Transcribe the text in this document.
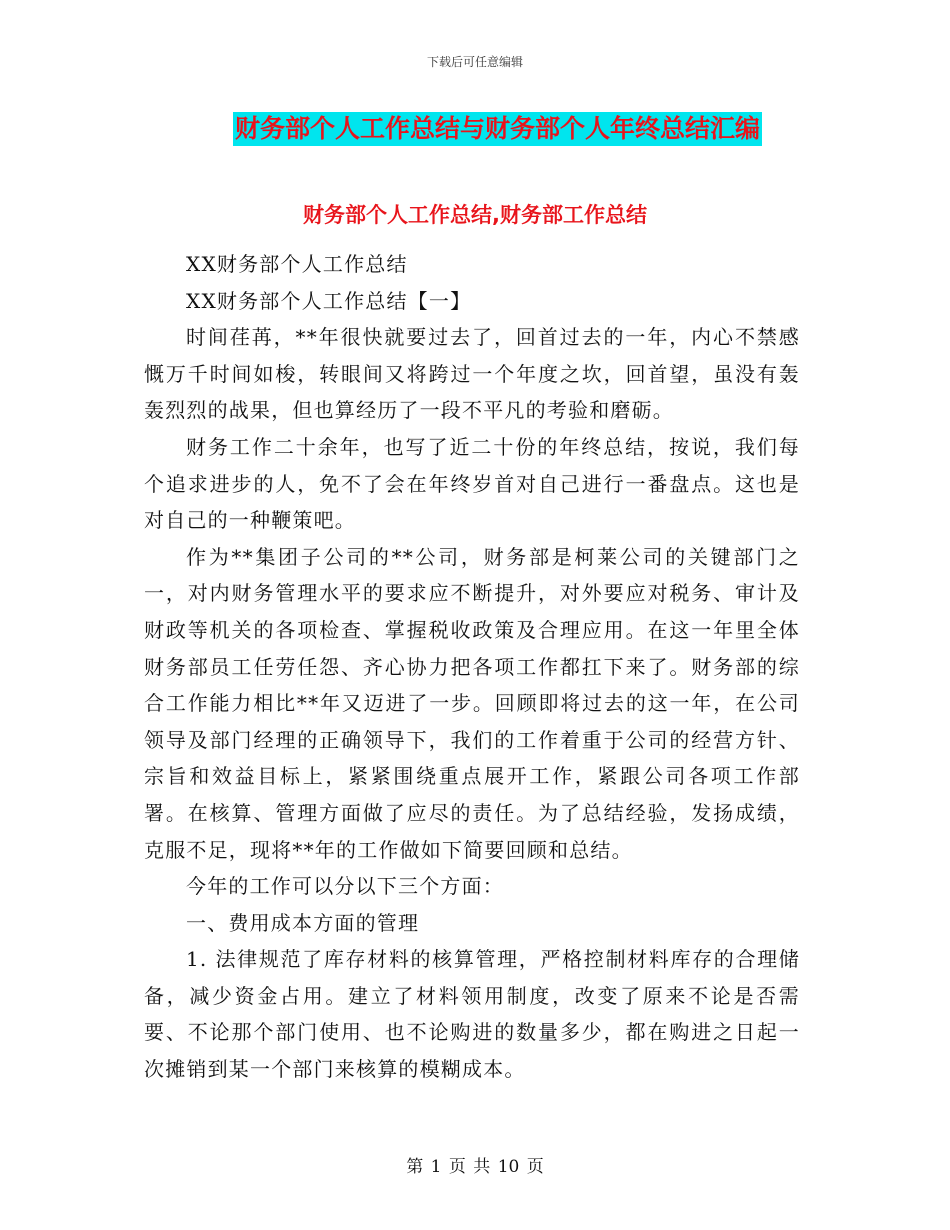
下载后可任意编辑
财务部个人工作总结与财务部个人年终总结汇编
财务部个人工作总结,财务部工作总结

XX财务部个人工作总结

XX财务部个人工作总结【一】

时间荏苒，**年很快就要过去了，回首过去的一年，内心不禁感慨万千时间如梭，转眼间又将跨过一个年度之坎，回首望，虽没有轰轰烈烈的战果，但也算经历了一段不平凡的考验和磨砺。

财务工作二十余年，也写了近二十份的年终总结，按说，我们每个追求进步的人，免不了会在年终岁首对自己进行一番盘点。这也是对自己的一种鞭策吧。

作为**集团子公司的**公司，财务部是柯莱公司的关键部门之一，对内财务管理水平的要求应不断提升，对外要应对税务、审计及财政等机关的各项检查、掌握税收政策及合理应用。在这一年里全体财务部员工任劳任怨、齐心协力把各项工作都扛下来了。财务部的综合工作能力相比**年又迈进了一步。回顾即将过去的这一年，在公司领导及部门经理的正确领导下，我们的工作着重于公司的经营方针、宗旨和效益目标上，紧紧围绕重点展开工作，紧跟公司各项工作部署。在核算、管理方面做了应尽的责任。为了总结经验，发扬成绩，克服不足，现将**年的工作做如下简要回顾和总结。

今年的工作可以分以下三个方面：

一、费用成本方面的管理

1. 法律规范了库存材料的核算管理，严格控制材料库存的合理储备，减少资金占用。建立了材料领用制度，改变了原来不论是否需要、不论那个部门使用、也不论购进的数量多少，都在购进之日起一次摊销到某一个部门来核算的模糊成本。

第 1 页 共 10 页
